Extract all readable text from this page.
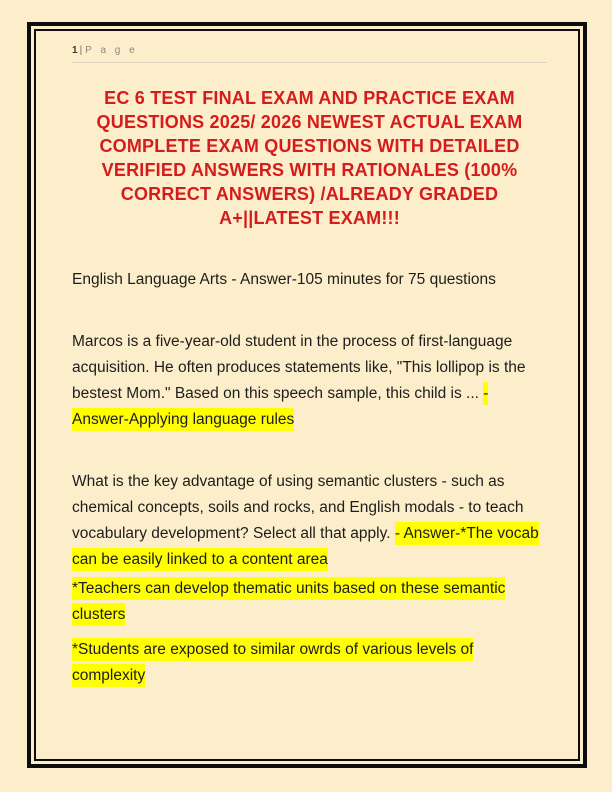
1 | P a g e
EC 6 TEST FINAL EXAM AND PRACTICE EXAM
QUESTIONS 2025/ 2026 NEWEST ACTUAL EXAM
COMPLETE EXAM QUESTIONS WITH DETAILED
VERIFIED ANSWERS WITH RATIONALES (100%
CORRECT ANSWERS) /ALREADY GRADED
A+||LATEST EXAM!!!

English Language Arts - Answer-105 minutes for 75 questions

Marcos is a five-year-old student in the process of first-language acquisition. He often produces statements like, "This lollipop is the bestest Mom." Based on this speech sample, this child is ... - Answer-Applying language rules

What is the key advantage of using semantic clusters - such as chemical concepts, soils and rocks, and English modals - to teach vocabulary development? Select all that apply. - Answer-*The vocab can be easily linked to a content area

*Teachers can develop thematic units based on these semantic clusters

*Students are exposed to similar owrds of various levels of complexity
